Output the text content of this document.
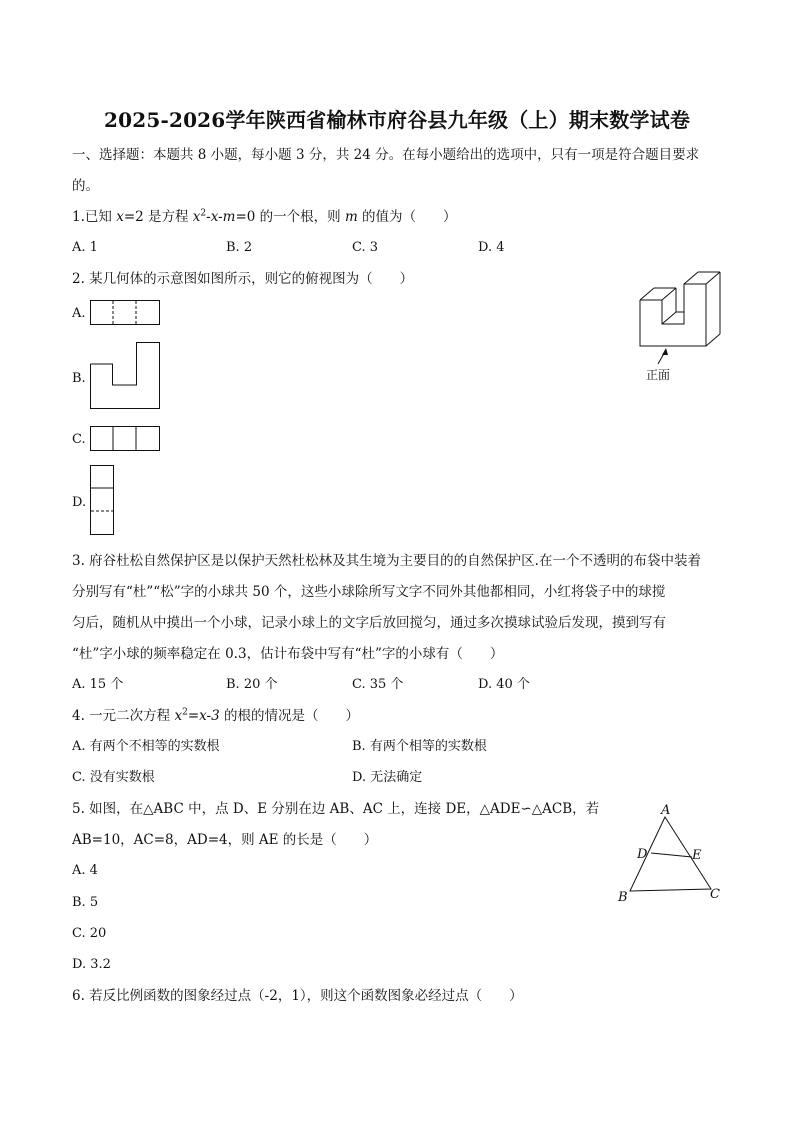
2025-2026学年陕西省榆林市府谷县九年级（上）期末数学试卷
一、选择题：本题共 8 小题，每小题 3 分，共 24 分。在每小题给出的选项中，只有一项是符合题目要求
的。
1.已知 x=2 是方程 $x^2-x-m=0$ 的一个根，则 m 的值为（　　）
A. 1	B. 2	C. 3	D. 4
2. 某几何体的示意图如图所示，则它的俯视图为（　　）
A.
B.
C.
D.
正面
3. 府谷杜松自然保护区是以保护天然杜松林及其生境为主要目的的自然保护区.在一个不透明的布袋中装着
分别写有“杜”“松”字的小球共 50 个，这些小球除所写文字不同外其他都相同，小红将袋子中的球搅
匀后，随机从中摸出一个小球，记录小球上的文字后放回搅匀，通过多次摸球试验后发现，摸到写有
“杜”字小球的频率稳定在 0.3，估计布袋中写有“杜”字的小球有（　　）
A. 15 个	B. 20 个	C. 35 个	D. 40 个
4. 一元二次方程 $x^2=x-3$ 的根的情况是（　　）
A. 有两个不相等的实数根	B. 有两个相等的实数根
C. 没有实数根	D. 无法确定
5. 如图，在△ABC 中，点 D、E 分别在边 AB、AC 上，连接 DE，△ADE∽△ACB，若
AB=10，AC=8，AD=4，则 AE 的长是（　　）
A. 4
B. 5
C. 20
D. 3.2
A
D	E
B	C
6. 若反比例函数的图象经过点（-2，1），则这个函数图象必经过点（　　）
